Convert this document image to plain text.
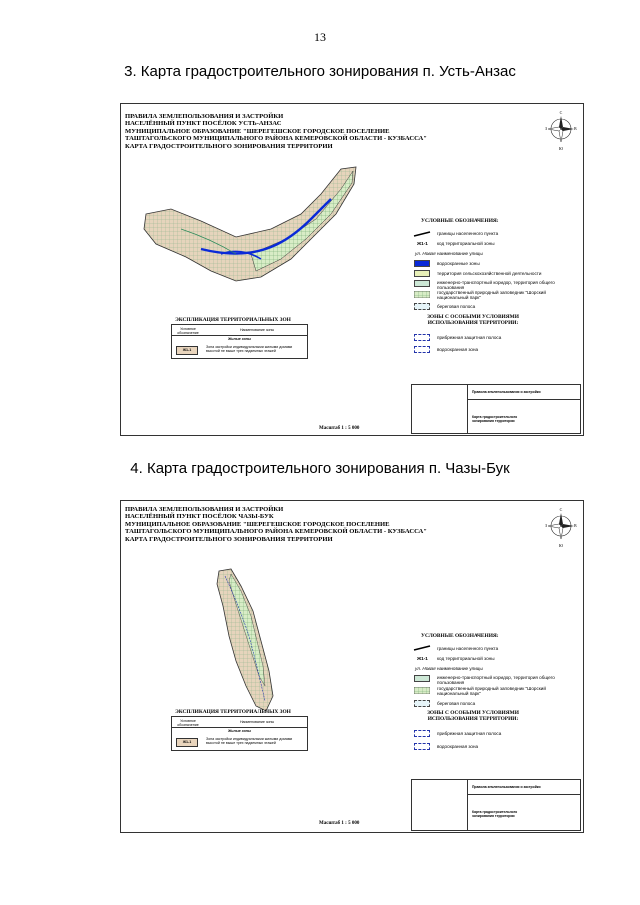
13
3. Карта градостроительного зонирования п. Усть-Анзас
ПРАВИЛА ЗЕМЛЕПОЛЬЗОВАНИЯ И ЗАСТРОЙКИ
НАСЕЛЁННЫЙ ПУНКТ ПОСЁЛОК УСТЬ-АНЗАС
МУНИЦИПАЛЬНОЕ ОБРАЗОВАНИЕ "ШЕРЕГЕШСКОЕ ГОРОДСКОЕ ПОСЕЛЕНИЕ
ТАШТАГОЛЬСКОГО МУНИЦИПАЛЬНОГО РАЙОНА КЕМЕРОВСКОЙ ОБЛАСТИ - КУЗБАССА"
КАРТА ГРАДОСТРОИТЕЛЬНОГО ЗОНИРОВАНИЯ ТЕРРИТОРИИ
С
Ю
З	В
УСЛОВНЫЕ ОБОЗНАЧЕНИЯ:
границы населенного пункта
Ж1-1 код территориальной зоны
ул. Новая наименование улицы
водоохранные зоны
территория сельскохозяйственной деятельности
инженерно-транспортный коридор, территория общего пользования
государственный природный заповедник "Шорский национальный парк"
береговая полоса
ЗОНЫ С ОСОБЫМИ УСЛОВИЯМИ ИСПОЛЬЗОВАНИЯ ТЕРРИТОРИИ:
прибрежная защитная полоса
водоохранная зона
ЭКСПЛИКАЦИЯ ТЕРРИТОРИАЛЬНЫХ ЗОН
Условное обозначение
Наименование зоны
Жилые зоны
Ж1-1
Зона застройки индивидуальными жилыми домами высотой не выше трех надземных этажей
Масштаб 1 : 5 000
Правила землепользования и застройки
Карта градостроительного зонирования территории
4. Карта градостроительного зонирования п. Чазы-Бук
ПРАВИЛА ЗЕМЛЕПОЛЬЗОВАНИЯ И ЗАСТРОЙКИ
НАСЕЛЁННЫЙ ПУНКТ ПОСЁЛОК ЧАЗЫ-БУК
МУНИЦИПАЛЬНОЕ ОБРАЗОВАНИЕ "ШЕРЕГЕШСКОЕ ГОРОДСКОЕ ПОСЕЛЕНИЕ
ТАШТАГОЛЬСКОГО МУНИЦИПАЛЬНОГО РАЙОНА КЕМЕРОВСКОЙ ОБЛАСТИ - КУЗБАССА"
КАРТА ГРАДОСТРОИТЕЛЬНОГО ЗОНИРОВАНИЯ ТЕРРИТОРИИ
С
Ю
З	В
УСЛОВНЫЕ ОБОЗНАЧЕНИЯ:
границы населенного пункта
Ж1-1 код территориальной зоны
ул. Новая наименование улицы
инженерно-транспортный коридор, территория общего пользования
государственный природный заповедник "Шорский национальный парк"
береговая полоса
ЗОНЫ С ОСОБЫМИ УСЛОВИЯМИ ИСПОЛЬЗОВАНИЯ ТЕРРИТОРИИ:
прибрежная защитная полоса
водоохранная зона
ЭКСПЛИКАЦИЯ ТЕРРИТОРИАЛЬНЫХ ЗОН
Условное обозначение
Наименование зоны
Жилые зоны
Ж1-1
Зона застройки индивидуальными жилыми домами высотой не выше трех надземных этажей
Масштаб 1 : 5 000
Правила землепользования и застройки
Карта градостроительного зонирования территории
